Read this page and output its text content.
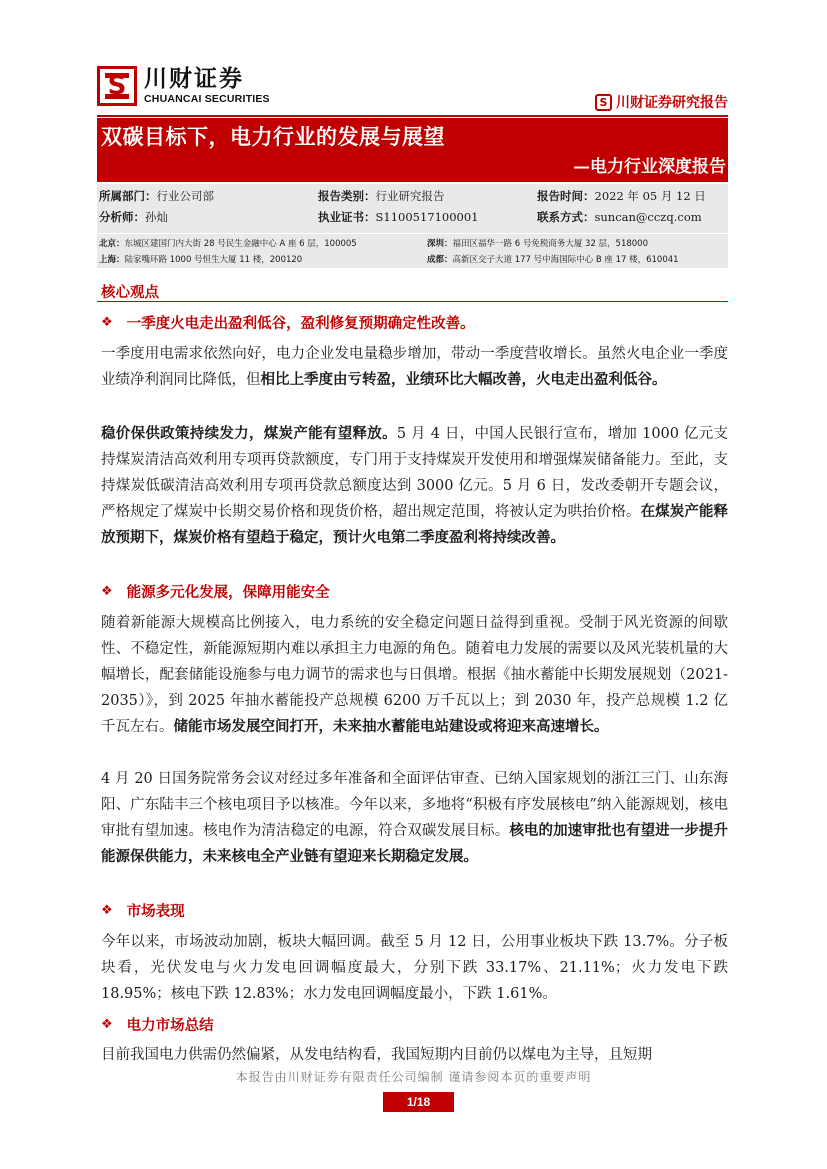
S 川财证券
CHUANCAI SECURITIES	S 川财证券研究报告
双碳目标下，电力行业的发展与展望
—电力行业深度报告
所属部门：行业公司部	报告类别：行业研究报告	报告时间：2022 年 05 月 12 日
分析师：孙灿	执业证书：S1100517100001	联系方式：suncan@cczq.com
北京：东城区建国门内大街 28 号民生金融中心 A 座 6 层，100005	深圳：福田区福华一路 6 号免税商务大厦 32 层，518000
上海：陆家嘴环路 1000 号恒生大厦 11 楼，200120	成都：高新区交子大道 177 号中海国际中心 B 座 17 楼，610041
核心观点
❖ 一季度火电走出盈利低谷，盈利修复预期确定性改善。
一季度用电需求依然向好，电力企业发电量稳步增加，带动一季度营收增长。虽然火电企业一季度业绩净利润同比降低，但相比上季度由亏转盈，业绩环比大幅改善，火电走出盈利低谷。
稳价保供政策持续发力，煤炭产能有望释放。5 月 4 日，中国人民银行宣布，增加 1000 亿元支持煤炭清洁高效利用专项再贷款额度，专门用于支持煤炭开发使用和增强煤炭储备能力。至此，支持煤炭低碳清洁高效利用专项再贷款总额度达到 3000 亿元。5 月 6 日，发改委朝开专题会议，严格规定了煤炭中长期交易价格和现货价格，超出规定范围，将被认定为哄抬价格。在煤炭产能释放预期下，煤炭价格有望趋于稳定，预计火电第二季度盈利将持续改善。
❖ 能源多元化发展，保障用能安全
随着新能源大规模高比例接入，电力系统的安全稳定问题日益得到重视。受制于风光资源的间歇性、不稳定性，新能源短期内难以承担主力电源的角色。随着电力发展的需要以及风光装机量的大幅增长，配套储能设施参与电力调节的需求也与日俱增。根据《抽水蓄能中长期发展规划（2021-2035）》，到 2025 年抽水蓄能投产总规模 6200 万千瓦以上；到 2030 年，投产总规模 1.2 亿千瓦左右。储能市场发展空间打开，未来抽水蓄能电站建设或将迎来高速增长。
4 月 20 日国务院常务会议对经过多年准备和全面评估审查、已纳入国家规划的浙江三门、山东海阳、广东陆丰三个核电项目予以核准。今年以来，多地将“积极有序发展核电”纳入能源规划，核电审批有望加速。核电作为清洁稳定的电源，符合双碳发展目标。核电的加速审批也有望进一步提升能源保供能力，未来核电全产业链有望迎来长期稳定发展。
❖ 市场表现
今年以来，市场波动加剧，板块大幅回调。截至 5 月 12 日，公用事业板块下跌 13.7%。分子板块看，光伏发电与火力发电回调幅度最大，分别下跌 33.17%、21.11%；火力发电下跌 18.95%；核电下跌 12.83%；水力发电回调幅度最小，下跌 1.61%。
❖ 电力市场总结
目前我国电力供需仍然偏紧，从发电结构看，我国短期内目前仍以煤电为主导，且短期
本报告由川财证券有限责任公司编制 谨请参阅本页的重要声明
1/18
